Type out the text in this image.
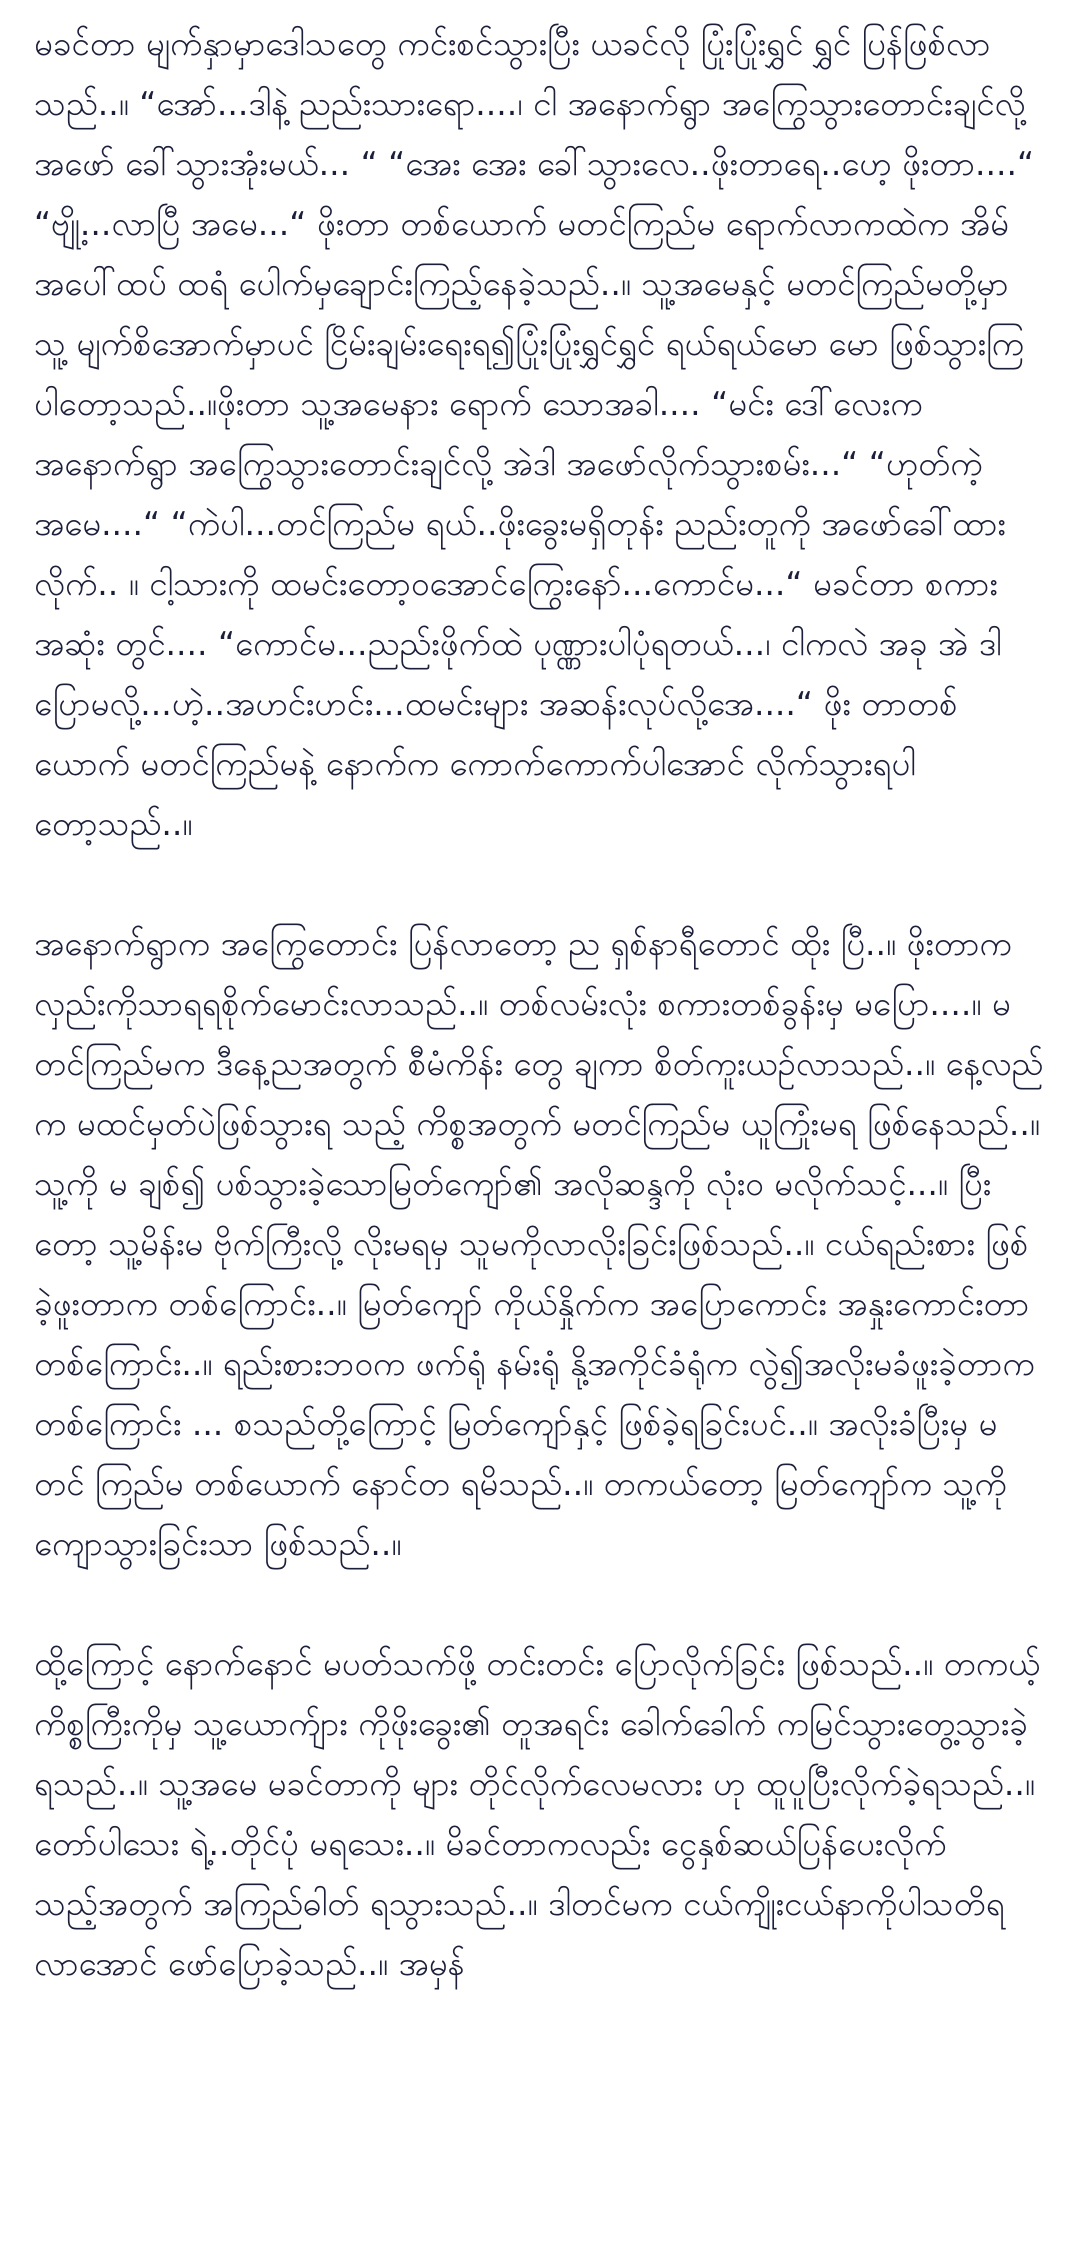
မခင်တာ မျက်နှာမှာဒေါသတွေ ကင်းစင်သွားပြီး ယခင်လို ပြုံးပြုံးရွှင် ရွှင် ပြန်ဖြစ်လာသည်..။ “အော်...ဒါနဲ့ ညည်းသားရော....၊ ငါ အနောက်ရွာ အကြွေသွားတောင်းချင်လို့ အဖော် ခေါ်သွားအုံးမယ်... “ “အေး အေး ခေါ်သွားလေ..ဖိုးတာရေ..ဟေ့ ဖိုးတာ....“ “ဗျို့...လာပြီ အမေ...“ ဖိုးတာ တစ်ယောက် မတင်ကြည်မ ရောက်လာကထဲက အိမ်အပေါ်ထပ် ထရံ ပေါက်မှချောင်းကြည့်နေခဲ့သည်..။ သူ့အမေနှင့် မတင်ကြည်မတို့မှာ သူ့ မျက်စိအောက်မှာပင် ငြိမ်းချမ်းရေးရ၍ပြုံးပြုံးရွှင်ရွှင် ရယ်ရယ်မော မော ဖြစ်သွားကြပါတော့သည်..။ဖိုးတာ သူ့အမေနား ရောက် သောအခါ.... “မင်း ဒေါ်လေးက အနောက်ရွာ အကြွေသွားတောင်းချင်လို့ အဲဒါ အဖော်လိုက်သွားစမ်း...“ “ဟုတ်ကဲ့ အမေ....“ “ကဲပါ...တင်ကြည်မ ရယ်..ဖိုးခွေးမရှိတုန်း ညည်းတူကို အဖော်ခေါ်ထားလိုက်.. ။ ငါ့သားကို ထမင်းတော့ဝအောင်ကြွေးနော်...ကောင်မ...“ မခင်တာ စကားအဆုံး တွင်.... “ကောင်မ...ညည်းဖိုက်ထဲ ပုဏ္ဏားပါပုံရတယ်...၊ ငါကလဲ အခု အဲ ဒါပြောမလို့...ဟဲ့..အဟင်းဟင်း...ထမင်းများ အဆန်းလုပ်လို့အေ....“ ဖိုး တာတစ်ယောက် မတင်ကြည်မနဲ့ နောက်က ကောက်ကောက်ပါအောင် လိုက်သွားရပါတော့သည်..။

အနောက်ရွာက အကြွေတောင်း ပြန်လာတော့ ည ရှစ်နာရီတောင် ထိုး ပြီ..။ ဖိုးတာက လှည်းကိုသာရရစိုက်မောင်းလာသည်..။ တစ်လမ်းလုံး စကားတစ်ခွန်းမှ မပြော....။ မတင်ကြည်မက ဒီနေ့ညအတွက် စီမံကိန်း တွေ ချကာ စိတ်ကူးယဉ်လာသည်..။ နေ့လည်က မထင်မှတ်ပဲဖြစ်သွားရ သည့် ကိစ္စအတွက် မတင်ကြည်မ ယူကြုံးမရ ဖြစ်နေသည်..။ သူ့ကို မ ချစ်၍ ပစ်သွားခဲ့သောမြတ်ကျော်၏ အလိုဆန္ဒကို လုံးဝ မလိုက်သင့်...။ ပြီးတော့ သူ့မိန်းမ ဗိုက်ကြီးလို့ လိုးမရမှ သူမကိုလာလိုးခြင်းဖြစ်သည်..။ ငယ်ရည်းစား ဖြစ်ခဲ့ဖူးတာက တစ်ကြောင်း..။ မြတ်ကျော် ကိုယ်နှိုက်က အပြောကောင်း အနှုးကောင်းတာ တစ်ကြောင်း..။ ရည်းစားဘဝက ဖက်ရုံ နမ်းရုံ နို့အကိုင်ခံရုံက လွဲ၍အလိုးမခံဖူးခဲ့တာက တစ်ကြောင်း ... စသည်တို့ကြောင့် မြတ်ကျော်နှင့် ဖြစ်ခဲ့ရခြင်းပင်..။ အလိုးခံပြီးမှ မတင် ကြည်မ တစ်ယောက် နောင်တ ရမိသည်..။ တကယ်တော့ မြတ်ကျော်က သူ့ကိုကျောသွားခြင်းသာ ဖြစ်သည်..။

ထို့ကြောင့် နောက်နောင် မပတ်သက်ဖို့ တင်းတင်း ပြောလိုက်ခြင်း ဖြစ်သည်..။ တကယ့်ကိစ္စကြီးကိုမှ သူ့ယောက်ျား ကိုဖိုးခွေး၏ တူအရင်း ခေါက်ခေါက် ကမြင်သွားတွေ့သွားခဲ့ရသည်..။ သူ့အမေ မခင်တာကို များ တိုင်လိုက်လေမလား ဟု ထူပူပြီးလိုက်ခဲ့ရသည်..။ တော်ပါသေး ရဲ့..တိုင်ပုံ မရသေး..။ မိခင်တာကလည်း ငွေနှစ်ဆယ်ပြန်ပေးလိုက် သည့်အတွက် အကြည်ဓါတ် ရသွားသည်..။ ဒါတင်မက ငယ်ကျိုးငယ်နာကိုပါသတိရလာအောင် ဖော်ပြောခဲ့သည်..။ အမှန်
